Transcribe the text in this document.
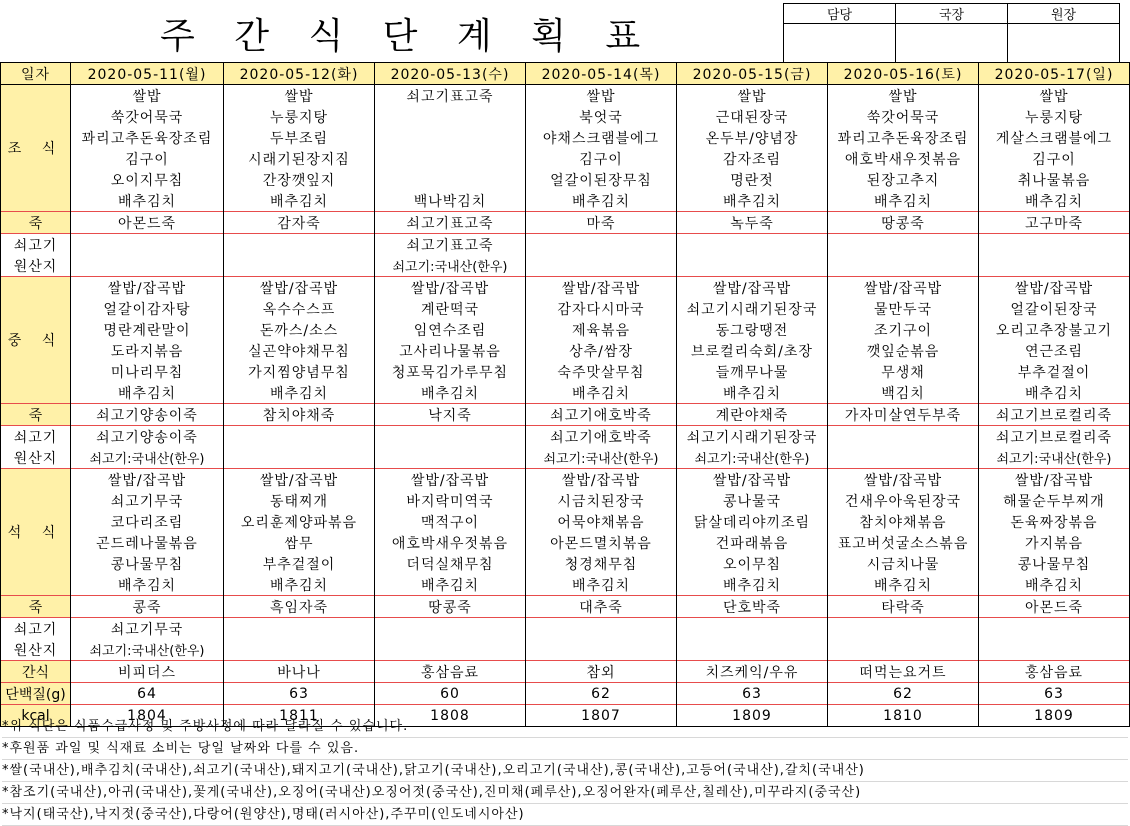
주 간 식 단 계 획 표
담당	국장	원장

일자	2020-05-11(월)	2020-05-12(화)	2020-05-13(수)	2020-05-14(목)	2020-05-15(금)	2020-05-16(토)	2020-05-17(일)
조 식	쌀밥	쌀밥	쇠고기표고죽	쌀밥	쌀밥	쌀밥	쌀밥
	쑥갓어묵국	누룽지탕		북엇국	근대된장국	쑥갓어묵국	누룽지탕
	꽈리고추돈육장조림	두부조림		야채스크램블에그	온두부/양념장	꽈리고추돈육장조림	게살스크램블에그
	김구이	시래기된장지짐		김구이	감자조림	애호박새우젓볶음	김구이
	오이지무침	간장깻잎지		얼갈이된장무침	명란젓	된장고추지	취나물볶음
	배추김치	배추김치	백나박김치	배추김치	배추김치	배추김치	배추김치
죽	아몬드죽	감자죽	쇠고기표고죽	마죽	녹두죽	땅콩죽	고구마죽
쇠고기			쇠고기표고죽				
원산지			쇠고기:국내산(한우)				
중 식	쌀밥/잡곡밥	쌀밥/잡곡밥	쌀밥/잡곡밥	쌀밥/잡곡밥	쌀밥/잡곡밥	쌀밥/잡곡밥	쌀밥/잡곡밥
	얼갈이감자탕	옥수수스프	계란떡국	감자다시마국	쇠고기시래기된장국	물만두국	얼갈이된장국
	명란계란말이	돈까스/소스	임연수조림	제육볶음	동그랑땡전	조기구이	오리고추장불고기
	도라지볶음	실곤약야채무침	고사리나물볶음	상추/쌈장	브로컬리숙회/초장	깻잎순볶음	연근조림
	미나리무침	가지찜양념무침	청포묵김가루무침	숙주맛살무침	들깨무나물	무생채	부추겉절이
	배추김치	배추김치	배추김치	배추김치	배추김치	백김치	배추김치
죽	쇠고기양송이죽	참치야채죽	낙지죽	쇠고기애호박죽	계란야채죽	가자미살연두부죽	쇠고기브로컬리죽
쇠고기	쇠고기양송이죽			쇠고기애호박죽	쇠고기시래기된장국		쇠고기브로컬리죽
원산지	쇠고기:국내산(한우)			쇠고기:국내산(한우)	쇠고기:국내산(한우)		쇠고기:국내산(한우)
석 식	쌀밥/잡곡밥	쌀밥/잡곡밥	쌀밥/잡곡밥	쌀밥/잡곡밥	쌀밥/잡곡밥	쌀밥/잡곡밥	쌀밥/잡곡밥
	쇠고기무국	동태찌개	바지락미역국	시금치된장국	콩나물국	건새우아욱된장국	해물순두부찌개
	코다리조림	오리훈제양파볶음	맥적구이	어묵야채볶음	닭살데리야끼조림	참치야채볶음	돈육짜장볶음
	곤드레나물볶음	쌈무	애호박새우젓볶음	아몬드멸치볶음	건파래볶음	표고버섯굴소스볶음	가지볶음
	콩나물무침	부추겉절이	더덕실채무침	청경채무침	오이무침	시금치나물	콩나물무침
	배추김치	배추김치	배추김치	배추김치	배추김치	배추김치	배추김치
죽	콩죽	흑임자죽	땅콩죽	대추죽	단호박죽	타락죽	아몬드죽
쇠고기	쇠고기무국						
원산지	쇠고기:국내산(한우)						
간식	비피더스	바나나	홍삼음료	참외	치즈케익/우유	떠먹는요거트	홍삼음료
단백질(g)	64	63	60	62	63	62	63
kcal	1804	1811	1808	1807	1809	1810	1809
*위 식단은 식품수급사정 및 주방사정에 따라 달라질 수 있습니다.
*후원품 과일 및 식재료 소비는 당일 날짜와 다를 수 있음.
*쌀(국내산),배추김치(국내산),쇠고기(국내산),돼지고기(국내산),닭고기(국내산),오리고기(국내산),콩(국내산),고등어(국내산),갈치(국내산)
*참조기(국내산),아귀(국내산),꽃게(국내산),오징어(국내산)오징어젓(중국산),진미채(페루산),오징어완자(페루산,칠레산),미꾸라지(중국산)
*낙지(태국산),낙지젓(중국산),다랑어(원양산),명태(러시아산),주꾸미(인도네시아산)
